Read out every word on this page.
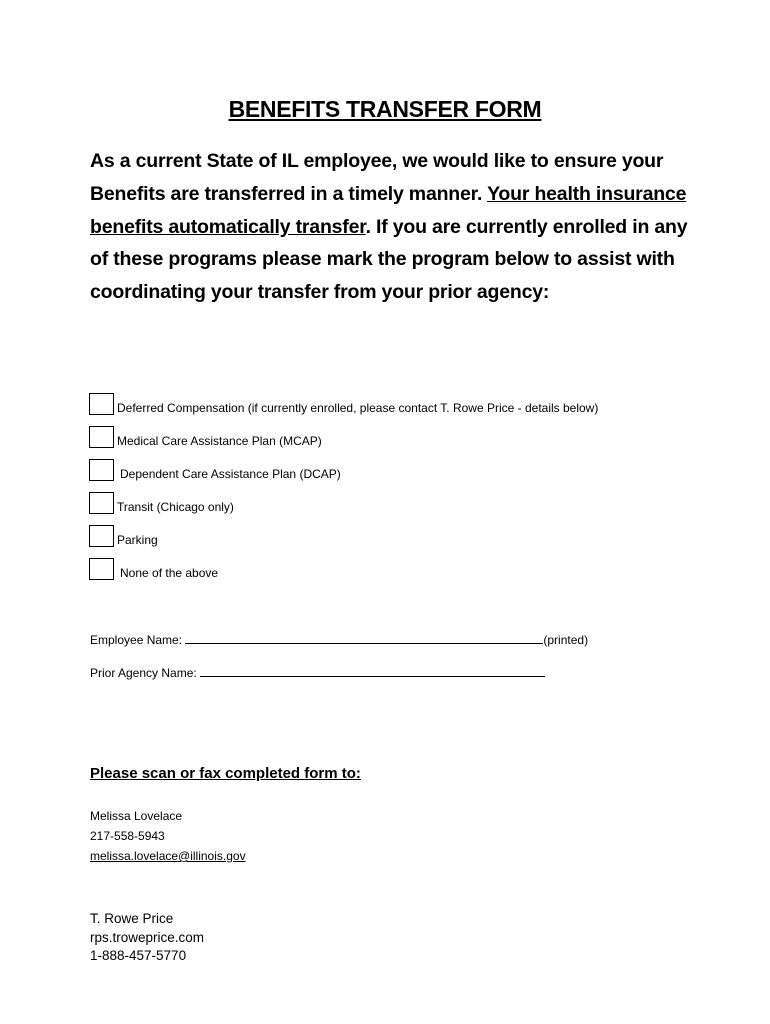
BENEFITS TRANSFER FORM
As a current State of IL employee, we would like to ensure your Benefits are transferred in a timely manner. Your health insurance benefits automatically transfer. If you are currently enrolled in any of these programs please mark the program below to assist with coordinating your transfer from your prior agency:
Deferred Compensation (if currently enrolled, please contact T. Rowe Price - details below)
Medical Care Assistance Plan (MCAP)
Dependent Care Assistance Plan (DCAP)
Transit (Chicago only)
Parking
None of the above
Employee Name:	(printed)
Prior Agency Name:
Please scan or fax completed form to:
Melissa Lovelace
217-558-5943
melissa.lovelace@illinois.gov
T. Rowe Price
rps.troweprice.com
1-888-457-5770
